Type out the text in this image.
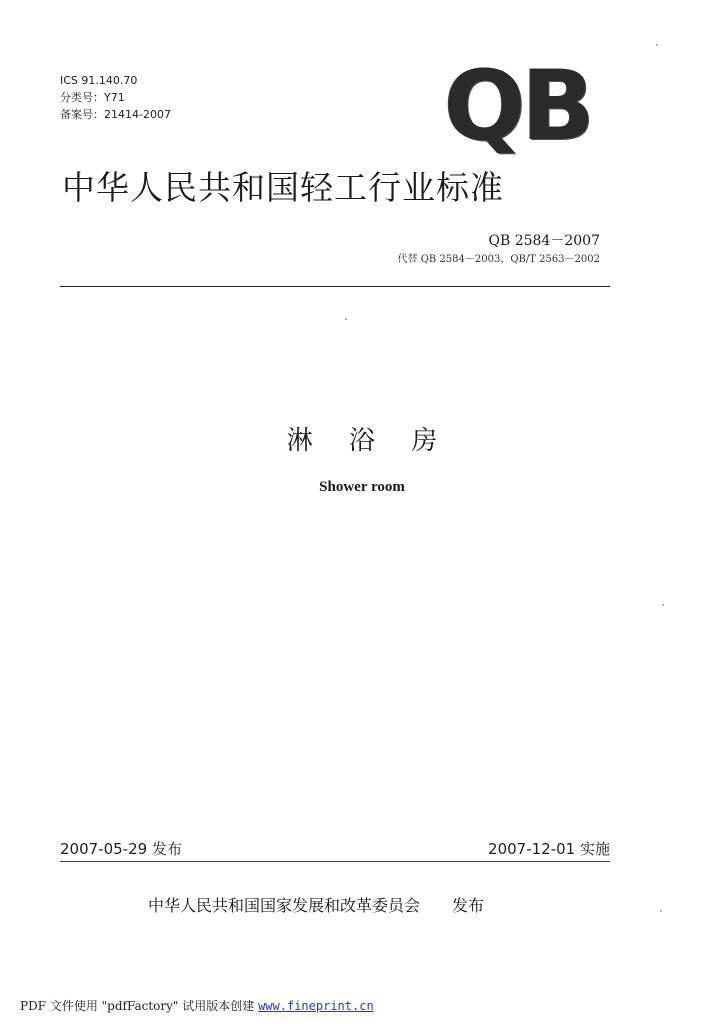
ICS 91.140.70
分类号：Y71
备案号：21414-2007	QB
中华人民共和国轻工行业标准
QB 2584－2007
代替 QB 2584－2003，QB/T 2563－2002
淋 浴 房
Shower room
2007-05-29 发布	2007-12-01 实施
中华人民共和国国家发展和改革委员会　　发布
PDF 文件使用 "pdfFactory" 试用版本创建 www.fineprint.cn
